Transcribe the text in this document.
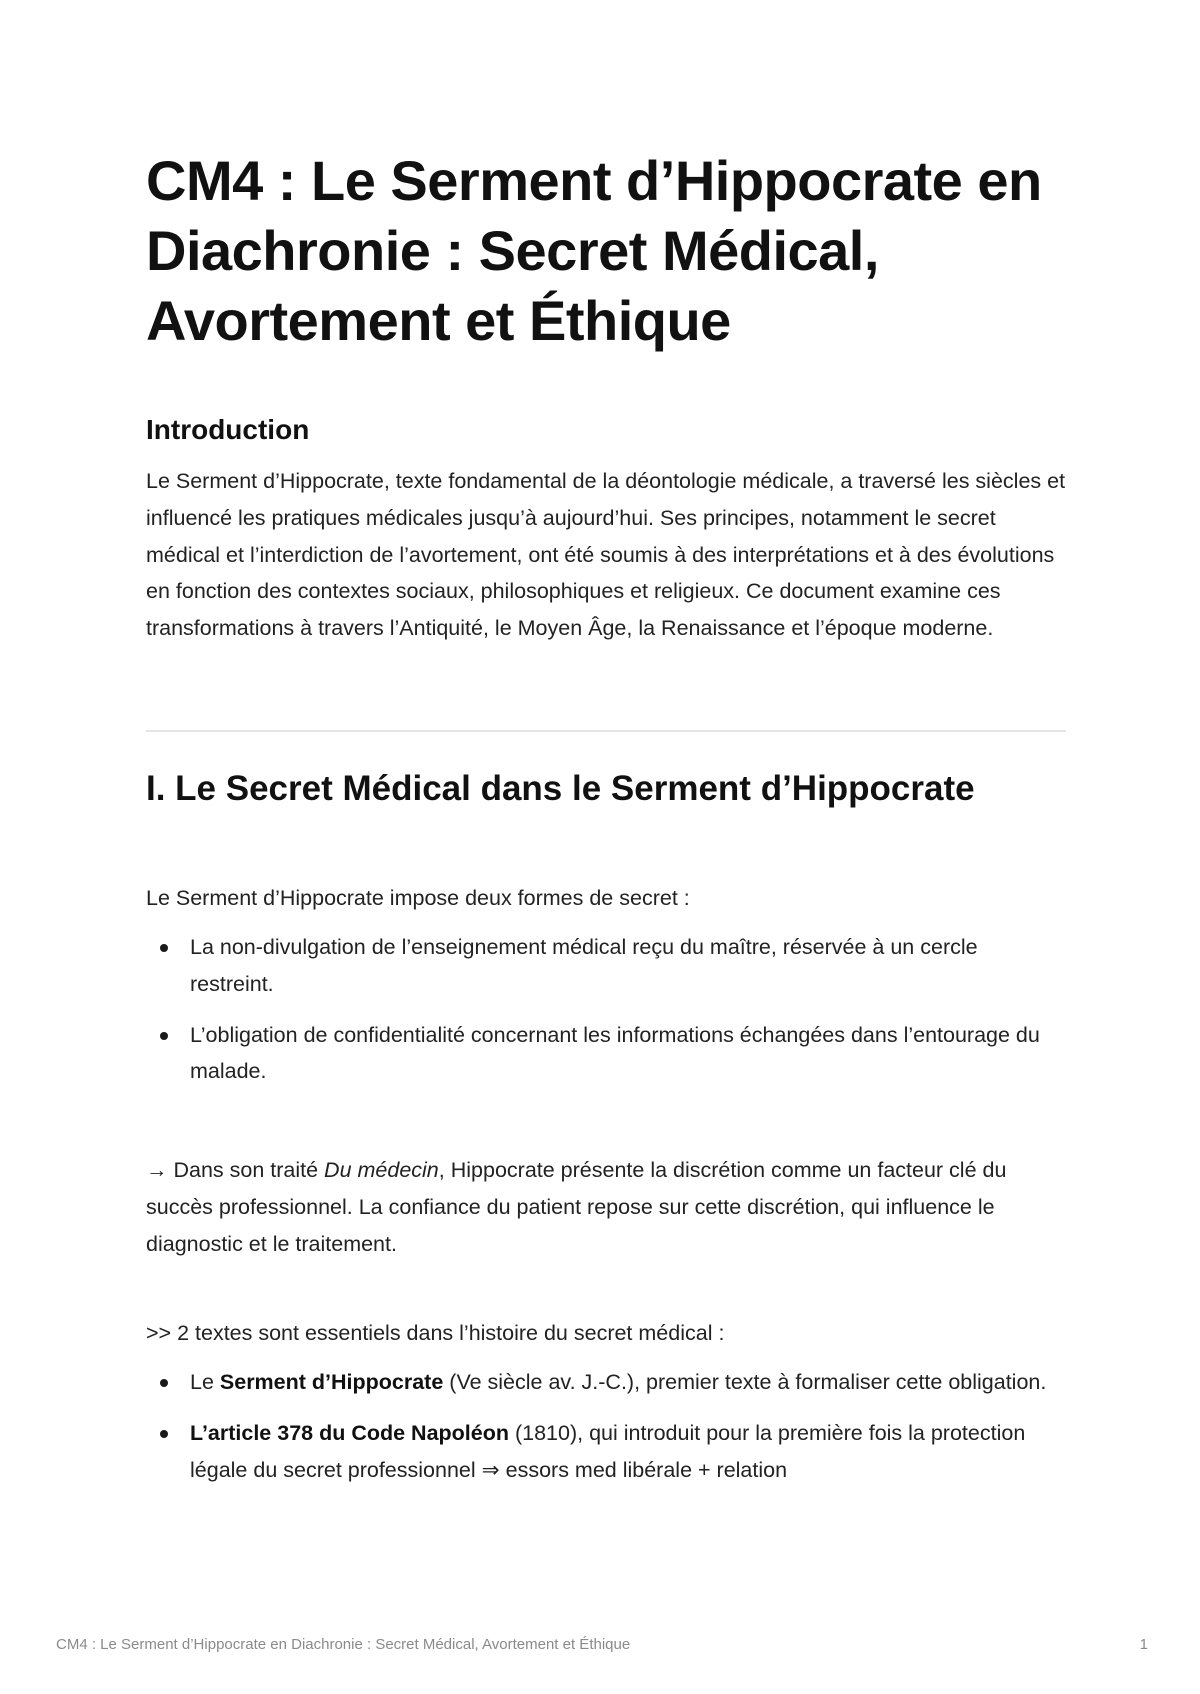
CM4 : Le Serment d’Hippocrate en Diachronie : Secret Médical, Avortement et Éthique
Introduction

Le Serment d’Hippocrate, texte fondamental de la déontologie médicale, a traversé les siècles et influencé les pratiques médicales jusqu’à aujourd’hui. Ses principes, notamment le secret médical et l’interdiction de l’avortement, ont été soumis à des interprétations et à des évolutions en fonction des contextes sociaux, philosophiques et religieux. Ce document examine ces transformations à travers l’Antiquité, le Moyen Âge, la Renaissance et l’époque moderne.

I. Le Secret Médical dans le Serment d’Hippocrate

Le Serment d’Hippocrate impose deux formes de secret :

La non-divulgation de l’enseignement médical reçu du maître, réservée à un cercle restreint.
L’obligation de confidentialité concernant les informations échangées dans l’entourage du malade.

→ Dans son traité Du médecin, Hippocrate présente la discrétion comme un facteur clé du succès professionnel. La confiance du patient repose sur cette discrétion, qui influence le diagnostic et le traitement.

>> 2 textes sont essentiels dans l’histoire du secret médical :

Le Serment d’Hippocrate (Ve siècle av. J.-C.), premier texte à formaliser cette obligation.
L’article 378 du Code Napoléon (1810), qui introduit pour la première fois la protection légale du secret professionnel ⇒ essors med libérale + relation
CM4 : Le Serment d’Hippocrate en Diachronie : Secret Médical, Avortement et Éthique	1
